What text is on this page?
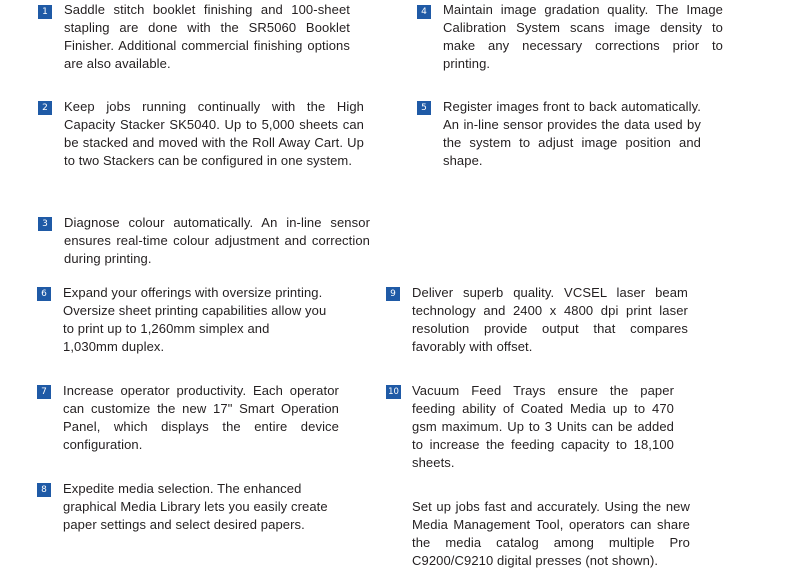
1	Saddle stitch booklet finishing and 100-sheet stapling are done with the SR5060 Booklet Finisher. Additional commercial finishing options are also available.
2	Keep jobs running continually with the High Capacity Stacker SK5040. Up to 5,000 sheets can be stacked and moved with the Roll Away Cart. Up to two Stackers can be configured in one system.
3	Diagnose colour automatically. An in-line sensor ensures real-time colour adjustment and correction during printing.
4	Maintain image gradation quality. The Image Calibration System scans image density to make any necessary corrections prior to printing.
5	Register images front to back automatically. An in-line sensor provides the data used by the system to adjust image position and shape.
6	Expand your offerings with oversize printing. Oversize sheet printing capabilities allow you to print up to 1,260mm simplex and 1,030mm duplex.
7	Increase operator productivity. Each operator can customize the new 17" Smart Operation Panel, which displays the entire device configuration.
8	Expedite media selection. The enhanced graphical Media Library lets you easily create paper settings and select desired papers.
9	Deliver superb quality. VCSEL laser beam technology and 2400 x 4800 dpi print laser resolution provide output that compares favorably with offset.
10 Vacuum Feed Trays ensure the paper feeding ability of Coated Media up to 470 gsm maximum. Up to 3 Units can be added to increase the feeding capacity to 18,100 sheets.
Set up jobs fast and accurately. Using the new Media Management Tool, operators can share the media catalog among multiple Pro C9200/C9210 digital presses (not shown).
